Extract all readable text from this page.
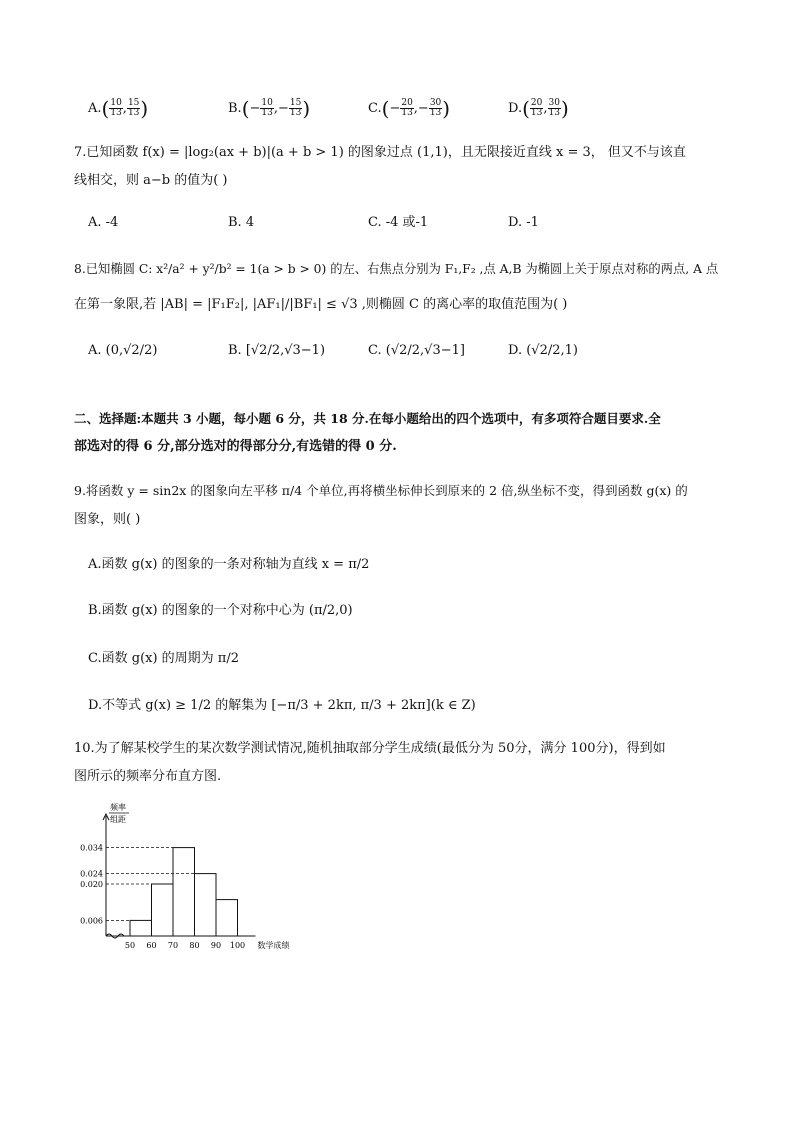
$A.( \frac{10}{13}$ , $\frac{15}{13}$ )	$B.(- \frac{10}{13}$ ,− $\frac{15}{13}$ )	$C.(- \frac{20}{13}$ ,− $\frac{30}{13}$ )	$D.( \frac{20}{13}$ , $\frac{30}{13}$ )
7.已知函数 f(x) = |log₂(ax + b)|(a + b > 1) 的图象过点 (1,1)，且无限接近直线 x = 3， 但又不与该直
线相交，则 a−b 的值为( )
A. -4	B. 4	C. -4 或-1	D. -1
8.已知椭圆 C: x²/a² + y²/b² = 1(a > b > 0) 的左、右焦点分别为 F₁,F₂ ,点 A,B 为椭圆上关于原点对称的两点, A 点
在第一象限,若 |AB| = |F₁F₂|, |AF₁|/|BF₁| ≤ √3 ,则椭圆 C 的离心率的取值范围为( )
A. (0,√2/2)	B. [√2/2,√3−1)	C. (√2/2,√3−1]	D. (√2/2,1)
二、选择题:本题共 3 小题，每小题 6 分，共 18 分.在每小题给出的四个选项中，有多项符合题目要求.全
部选对的得 6 分,部分选对的得部分分,有选错的得 0 分.
9.将函数 y = sin2x 的图象向左平移 π/4 个单位,再将横坐标伸长到原来的 2 倍,纵坐标不变，得到函数 g(x) 的
图象，则( )
A.函数 g(x) 的图象的一条对称轴为直线 x = π/2
B.函数 g(x) 的图象的一个对称中心为 (π/2,0)
C.函数 g(x) 的周期为 π/2
D.不等式 g(x) ≥ 1/2 的解集为 [−π/3 + 2kπ, π/3 + 2kπ](k ∈ Z)
10.为了解某校学生的某次数学测试情况,随机抽取部分学生成绩(最低分为 50分，满分 100分)，得到如
图所示的频率分布直方图.
频率
组距
0.006
0.020
0.024
0.034
50 60 70 80 90 100 数学成绩
